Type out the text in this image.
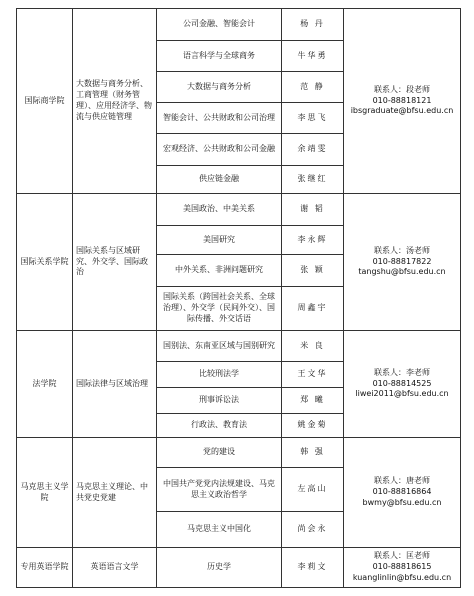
国际商学院	大数据与商务分析、工商管理（财务管理）、应用经济学、物流与供应链管理	公司金融、智能会计	杨 丹	联系人：段老师
010-88818121
ibsgraduate@bfsu.edu.cn

		语言科学与全球商务	牛华勇	
		大数据与商务分析	范 静	
		智能会计、公共财政和公司治理	李思飞	
		宏观经济、公共财政和公司金融	余靖雯	
		供应链金融	张继红	
国际关系学院	国际关系与区域研究、外交学、国际政治	美国政治、中美关系	谢 韬	联系人：汤老师
010-88817822
tangshu@bfsu.edu.cn

		美国研究	李永辉	
		中外关系、非洲问题研究	张 颖	
		国际关系（跨国社会关系、全球治理）、外交学（民间外交）、国际传播、外交话语	周鑫宇	
法学院	国际法律与区域治理	国别法、东南亚区域与国别研究	米 良	联系人：李老师
010-88814525
liwei2011@bfsu.edu.cn

		比较刑法学	王文华	
		刑事诉讼法	郑 曦	
		行政法、教育法	姚金菊	
马克思主义学院	马克思主义理论、中共党史党建	党的建设	韩 强	联系人：唐老师
010-88816864
bwmy@bfsu.edu.cn

		中国共产党党内法规建设、马克思主义政治哲学	左高山	
		马克思主义中国化	尚会永	
专用英语学院	英语语言文学	历史学	李莉文	联系人：匡老师
010-88818615
kuanglinlin@bfsu.edu.cn
